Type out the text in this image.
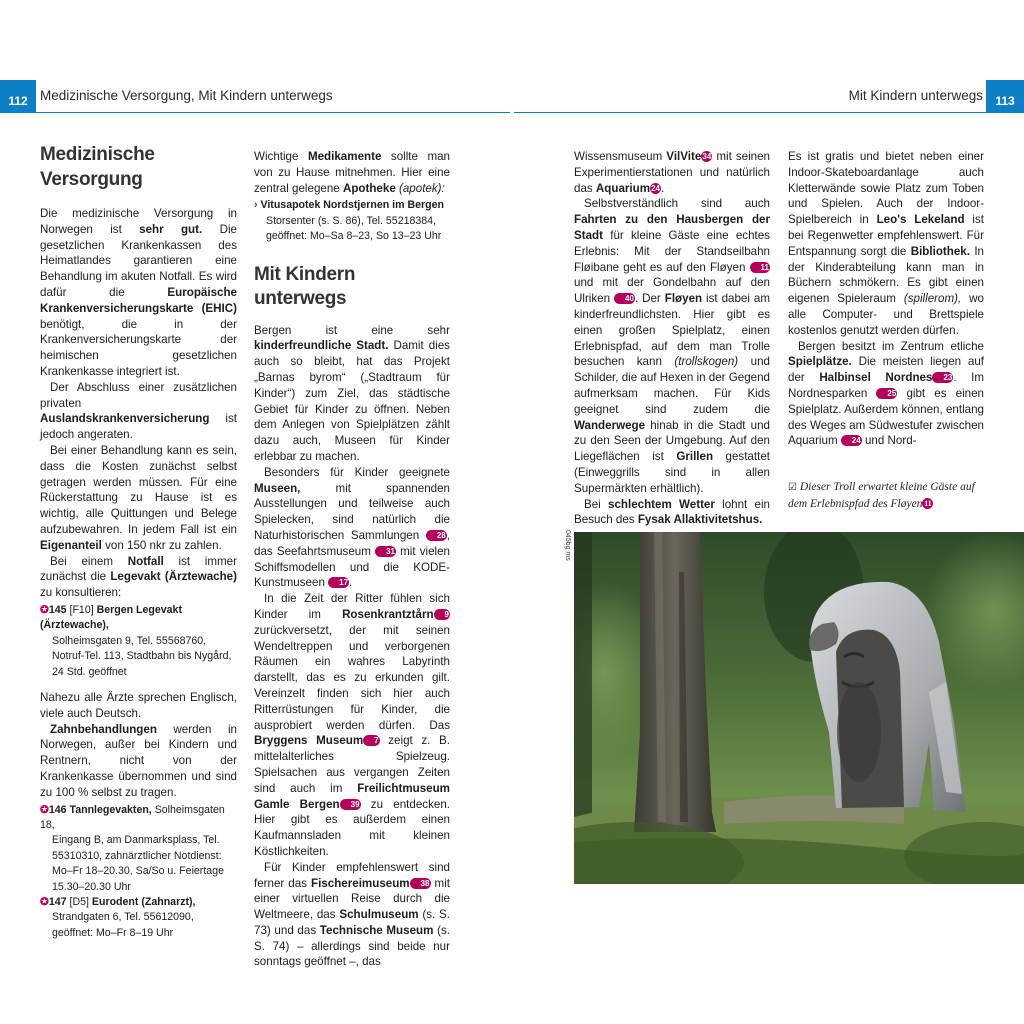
112 Medizinische Versorgung, Mit Kindern unterwegs	Mit Kindern unterwegs 113
Medizinische
Versorgung

Die medizinische Versorgung in Norwegen ist sehr gut. Die gesetzlichen Krankenkassen des Heimatlandes garantieren eine Behandlung im akuten Notfall. Es wird dafür die Europäische Krankenversicherungskarte (EHIC) benötigt, die in der Krankenversicherungskarte der heimischen gesetzlichen Krankenkasse integriert ist.

Der Abschluss einer zusätzlichen privaten Auslandskrankenversicherung ist jedoch angeraten.

Bei einer Behandlung kann es sein, dass die Kosten zunächst selbst getragen werden müssen. Für eine Rückerstattung zu Hause ist es wichtig, alle Quittungen und Belege aufzubewahren. In jedem Fall ist ein Eigenanteil von 150 nkr zu zahlen.

Bei einem Notfall ist immer zunächst die Legevakt (Ärztewache) zu konsultieren:

✪145 [F10] Bergen Legevakt (Ärztewache),
Solheimsgaten 9, Tel. 55568760,
Notruf-Tel. 113, Stadtbahn bis Nygård,
24 Std. geöffnet

Nahezu alle Ärzte sprechen Englisch, viele auch Deutsch.

Zahnbehandlungen werden in Norwegen, außer bei Kindern und Rentnern, nicht von der Krankenkasse übernommen und sind zu 100 % selbst zu tragen.

✪146 Tannlegevakten, Solheimsgaten 18,
Eingang B, am Danmarksplass, Tel.
55310310, zahnärztlicher Notdienst:
Mo–Fr 18–20.30, Sa/So u. Feiertage
15.30–20.30 Uhr
✪147 [D5] Eurodent (Zahnarzt),
Strandgaten 6, Tel. 55612090,
geöffnet: Mo–Fr 8–19 Uhr

Wichtige Medikamente sollte man von zu Hause mitnehmen. Hier eine zentral gelegene Apotheke (apotek):

› Vitusapotek Nordstjernen im Bergen
Storsenter (s. S. 86), Tel. 55218384,
geöffnet: Mo–Sa 8–23, So 13–23 Uhr
Mit Kindern unterwegs

Bergen ist eine sehr kinderfreundliche Stadt. Damit dies auch so bleibt, hat das Projekt „Barnas byrom“ („Stadtraum für Kinder“) zum Ziel, das städtische Gebiet für Kinder zu öffnen. Neben dem Anlegen von Spielplätzen zählt dazu auch, Museen für Kinder erlebbar zu machen.

Besonders für Kinder geeignete Museen, mit spannenden Ausstellungen und teilweise auch Spielecken, sind natürlich die Naturhistorischen Sammlungen 28, das Seefahrtsmuseum 31 mit vielen Schiffsmodellen und die KODE-Kunstmuseen 17.

In die Zeit der Ritter fühlen sich Kinder im Rosenkrantztårn 9 zurückversetzt, der mit seinen Wendeltreppen und verborgenen Räumen ein wahres Labyrinth darstellt, das es zu erkunden gilt. Vereinzelt finden sich hier auch Ritterrüstungen für Kinder, die ausprobiert werden dürfen. Das Bryggens Museum 7 zeigt z. B. mittelalterliches Spielzeug. Spielsachen aus vergangen Zeiten sind auch im Freilichtmuseum Gamle Bergen 39 zu entdecken. Hier gibt es außerdem einen Kaufmannsladen mit kleinen Köstlichkeiten.

Für Kinder empfehlenswert sind ferner das Fischereimuseum 38 mit einer virtuellen Reise durch die Weltmeere, das Schulmuseum (s. S. 73) und das Technische Museum (s. S. 74) – allerdings sind beide nur sonntags geöffnet –, das

Wissensmuseum VilVite34 mit seinen Experimentierstationen und natürlich das Aquarium24.

Selbstverständlich sind auch Fahrten zu den Hausbergen der Stadt für kleine Gäste eine echtes Erlebnis: Mit der Standseilbahn Fløibane geht es auf den Fløyen 11 und mit der Gondelbahn auf den Ulriken 40. Der Fløyen ist dabei am kinderfreundlichsten. Hier gibt es einen großen Spielplatz, einen Erlebnispfad, auf dem man Trolle besuchen kann (trollskogen) und Schilder, die auf Hexen in der Gegend aufmerksam machen. Für Kids geeignet sind zudem die Wanderwege hinab in die Stadt und zu den Seen der Umgebung. Auf den Liegeflächen ist Grillen gestattet (Einweggrills sind in allen Supermärkten erhältlich).

Bei schlechtem Wetter lohnt ein Besuch des Fysak Allaktivitetshus.

Es ist gratis und bietet neben einer Indoor-Skateboardanlage auch Kletterwände sowie Platz zum Toben und Spielen. Auch der Indoor-Spielbereich in Leo's Lekeland ist bei Regenwetter empfehlenswert. Für Entspannung sorgt die Bibliothek. In der Kinderabteilung kann man in Büchern schmökern. Es gibt einen eigenen Spieleraum (spillerom), wo alle Computer- und Brettspiele kostenlos genutzt werden dürfen.

Bergen besitzt im Zentrum etliche Spielplätze. Die meisten liegen auf der Halbinsel Nordnes 23. Im Nordnesparken 25 gibt es einen Spielplatz. Außerdem können, entlang des Weges am Südwestufer zwischen Aquarium 24 und Nord-

☑ Dieser Troll erwartet kleine Gäste auf dem Erlebnispfad des Fløyen 11
045bg ms
